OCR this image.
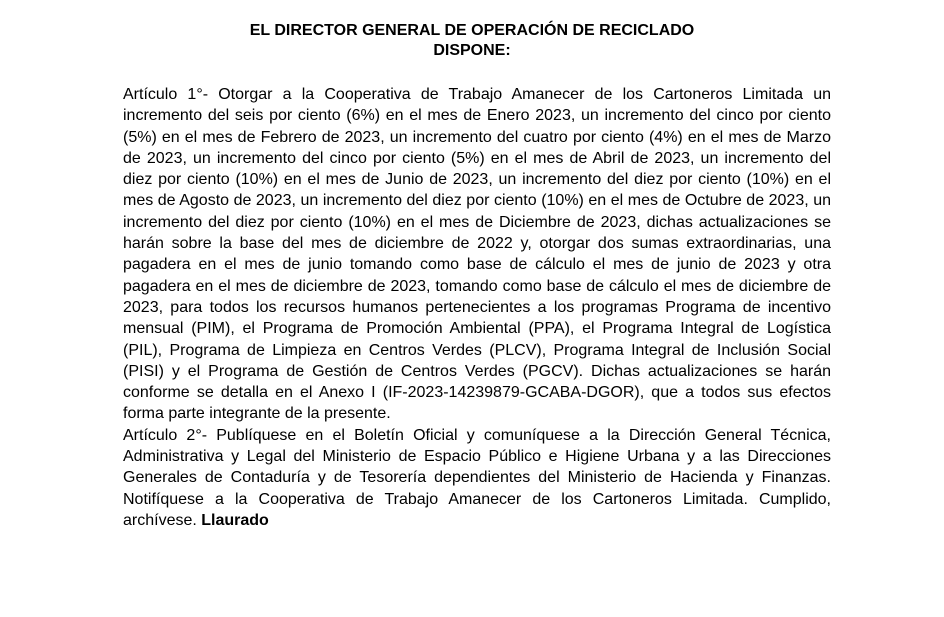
EL DIRECTOR GENERAL DE OPERACIÓN DE RECICLADO

DISPONE:

Artículo 1°- Otorgar a la Cooperativa de Trabajo Amanecer de los Cartoneros Limitada un incremento del seis por ciento (6%) en el mes de Enero 2023, un incremento del cinco por ciento (5%) en el mes de Febrero de 2023, un incremento del cuatro por ciento (4%) en el mes de Marzo de 2023, un incremento del cinco por ciento (5%) en el mes de Abril de 2023, un incremento del diez por ciento (10%) en el mes de Junio de 2023, un incremento del diez por ciento (10%) en el mes de Agosto de 2023, un incremento del diez por ciento (10%) en el mes de Octubre de 2023, un incremento del diez por ciento (10%) en el mes de Diciembre de 2023, dichas actualizaciones se harán sobre la base del mes de diciembre de 2022 y, otorgar dos sumas extraordinarias, una pagadera en el mes de junio tomando como base de cálculo el mes de junio de 2023 y otra pagadera en el mes de diciembre de 2023, tomando como base de cálculo el mes de diciembre de 2023, para todos los recursos humanos pertenecientes a los programas Programa de incentivo mensual (PIM), el Programa de Promoción Ambiental (PPA), el Programa Integral de Logística (PIL), Programa de Limpieza en Centros Verdes (PLCV), Programa Integral de Inclusión Social (PISI) y el Programa de Gestión de Centros Verdes (PGCV). Dichas actualizaciones se harán conforme se detalla en el Anexo I (IF-2023-14239879-GCABA-DGOR), que a todos sus efectos forma parte integrante de la presente.

Artículo 2°- Publíquese en el Boletín Oficial y comuníquese a la Dirección General Técnica, Administrativa y Legal del Ministerio de Espacio Público e Higiene Urbana y a las Direcciones Generales de Contaduría y de Tesorería dependientes del Ministerio de Hacienda y Finanzas. Notifíquese a la Cooperativa de Trabajo Amanecer de los Cartoneros Limitada. Cumplido, archívese. Llaurado
